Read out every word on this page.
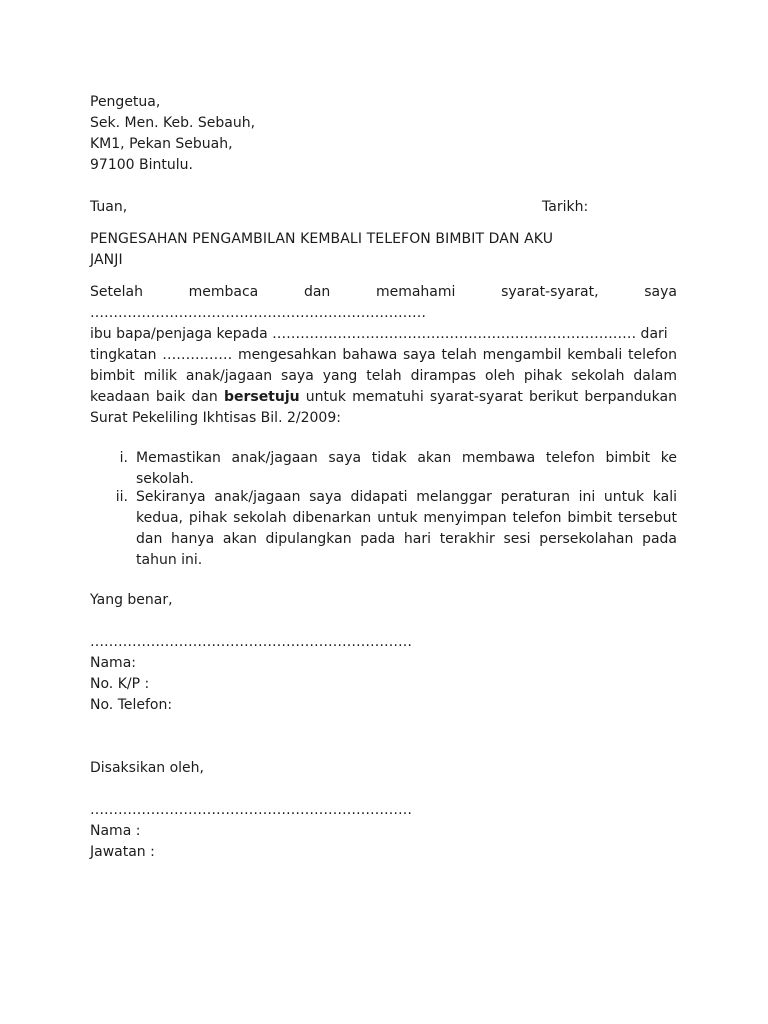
Pengetua,
Sek. Men. Keb. Sebauh,
KM1, Pekan Sebuah,
97100 Bintulu.
Tuan,	Tarikh:
PENGESAHAN PENGAMBILAN KEMBALI TELEFON BIMBIT DAN AKU
JANJI
Setelah	membaca	dan	memahami	syarat-syarat,	saya
………………………………………………………………
ibu bapa/penjaga kepada …………………………………………………………………… dari
tingkatan …………… mengesahkan bahawa saya telah mengambil kembali telefon bimbit milik anak/jagaan saya yang telah dirampas oleh pihak sekolah dalam keadaan baik dan bersetuju untuk mematuhi syarat-syarat berikut berpandukan Surat Pekeliling Ikhtisas Bil. 2/2009:
i. Memastikan anak/jagaan saya tidak akan membawa telefon bimbit ke sekolah.
ii. Sekiranya anak/jagaan saya didapati melanggar peraturan ini untuk kali kedua, pihak sekolah dibenarkan untuk menyimpan telefon bimbit tersebut dan hanya akan dipulangkan pada hari terakhir sesi persekolahan pada tahun ini.
Yang benar,
……………………………………………………………
Nama:
No. K/P :
No. Telefon:
Disaksikan oleh,
……………………………………………………………
Nama :
Jawatan :
